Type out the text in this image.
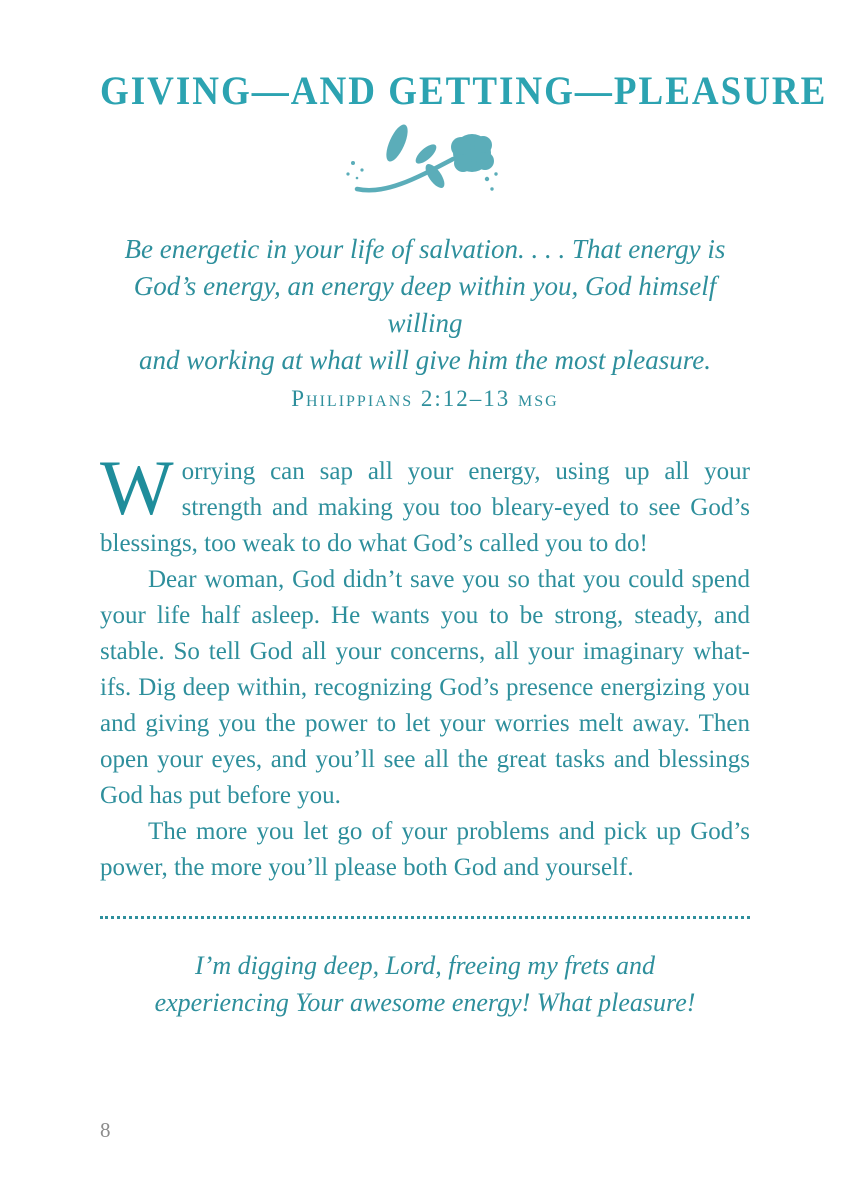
GIVING—AND GETTING—PLEASURE
Be energetic in your life of salvation. . . . That energy is
God’s energy, an energy deep within you, God himself willing
and working at what will give him the most pleasure.
Philippians 2:12–13 msg

Worrying can sap all your energy, using up all your strength and making you too bleary-eyed to see God’s blessings, too weak to do what God’s called you to do!

Dear woman, God didn’t save you so that you could spend your life half asleep. He wants you to be strong, steady, and stable. So tell God all your concerns, all your imaginary what-ifs. Dig deep within, recognizing God’s presence energizing you and giving you the power to let your worries melt away. Then open your eyes, and you’ll see all the great tasks and blessings God has put before you.

The more you let go of your problems and pick up God’s power, the more you’ll please both God and yourself.

I’m digging deep, Lord, freeing my frets and
experiencing Your awesome energy! What pleasure!
8
